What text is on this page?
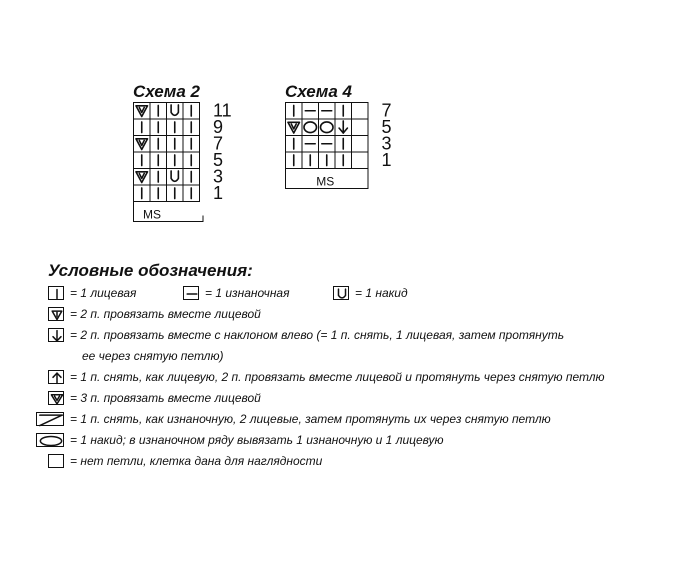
Схема 2
11
9
7
5
3
1
MS
Схема 4
7
5
3
1
MS
Условные обозначения:
= 1 лицевая	= 1 изнаночная	= 1 накид
= 2 п. провязать вместе лицевой
= 2 п. провязать вместе с наклоном влево (= 1 п. снять, 1 лицевая, затем протянуть
ее через снятую петлю)
= 1 п. снять, как лицевую, 2 п. провязать вместе лицевой и протянуть через снятую петлю
= 3 п. провязать вместе лицевой
= 1 п. снять, как изнаночную, 2 лицевые, затем протянуть их через снятую петлю
= 1 накид; в изнаночном ряду вывязать 1 изнаночную и 1 лицевую
= нет петли, клетка дана для наглядности
